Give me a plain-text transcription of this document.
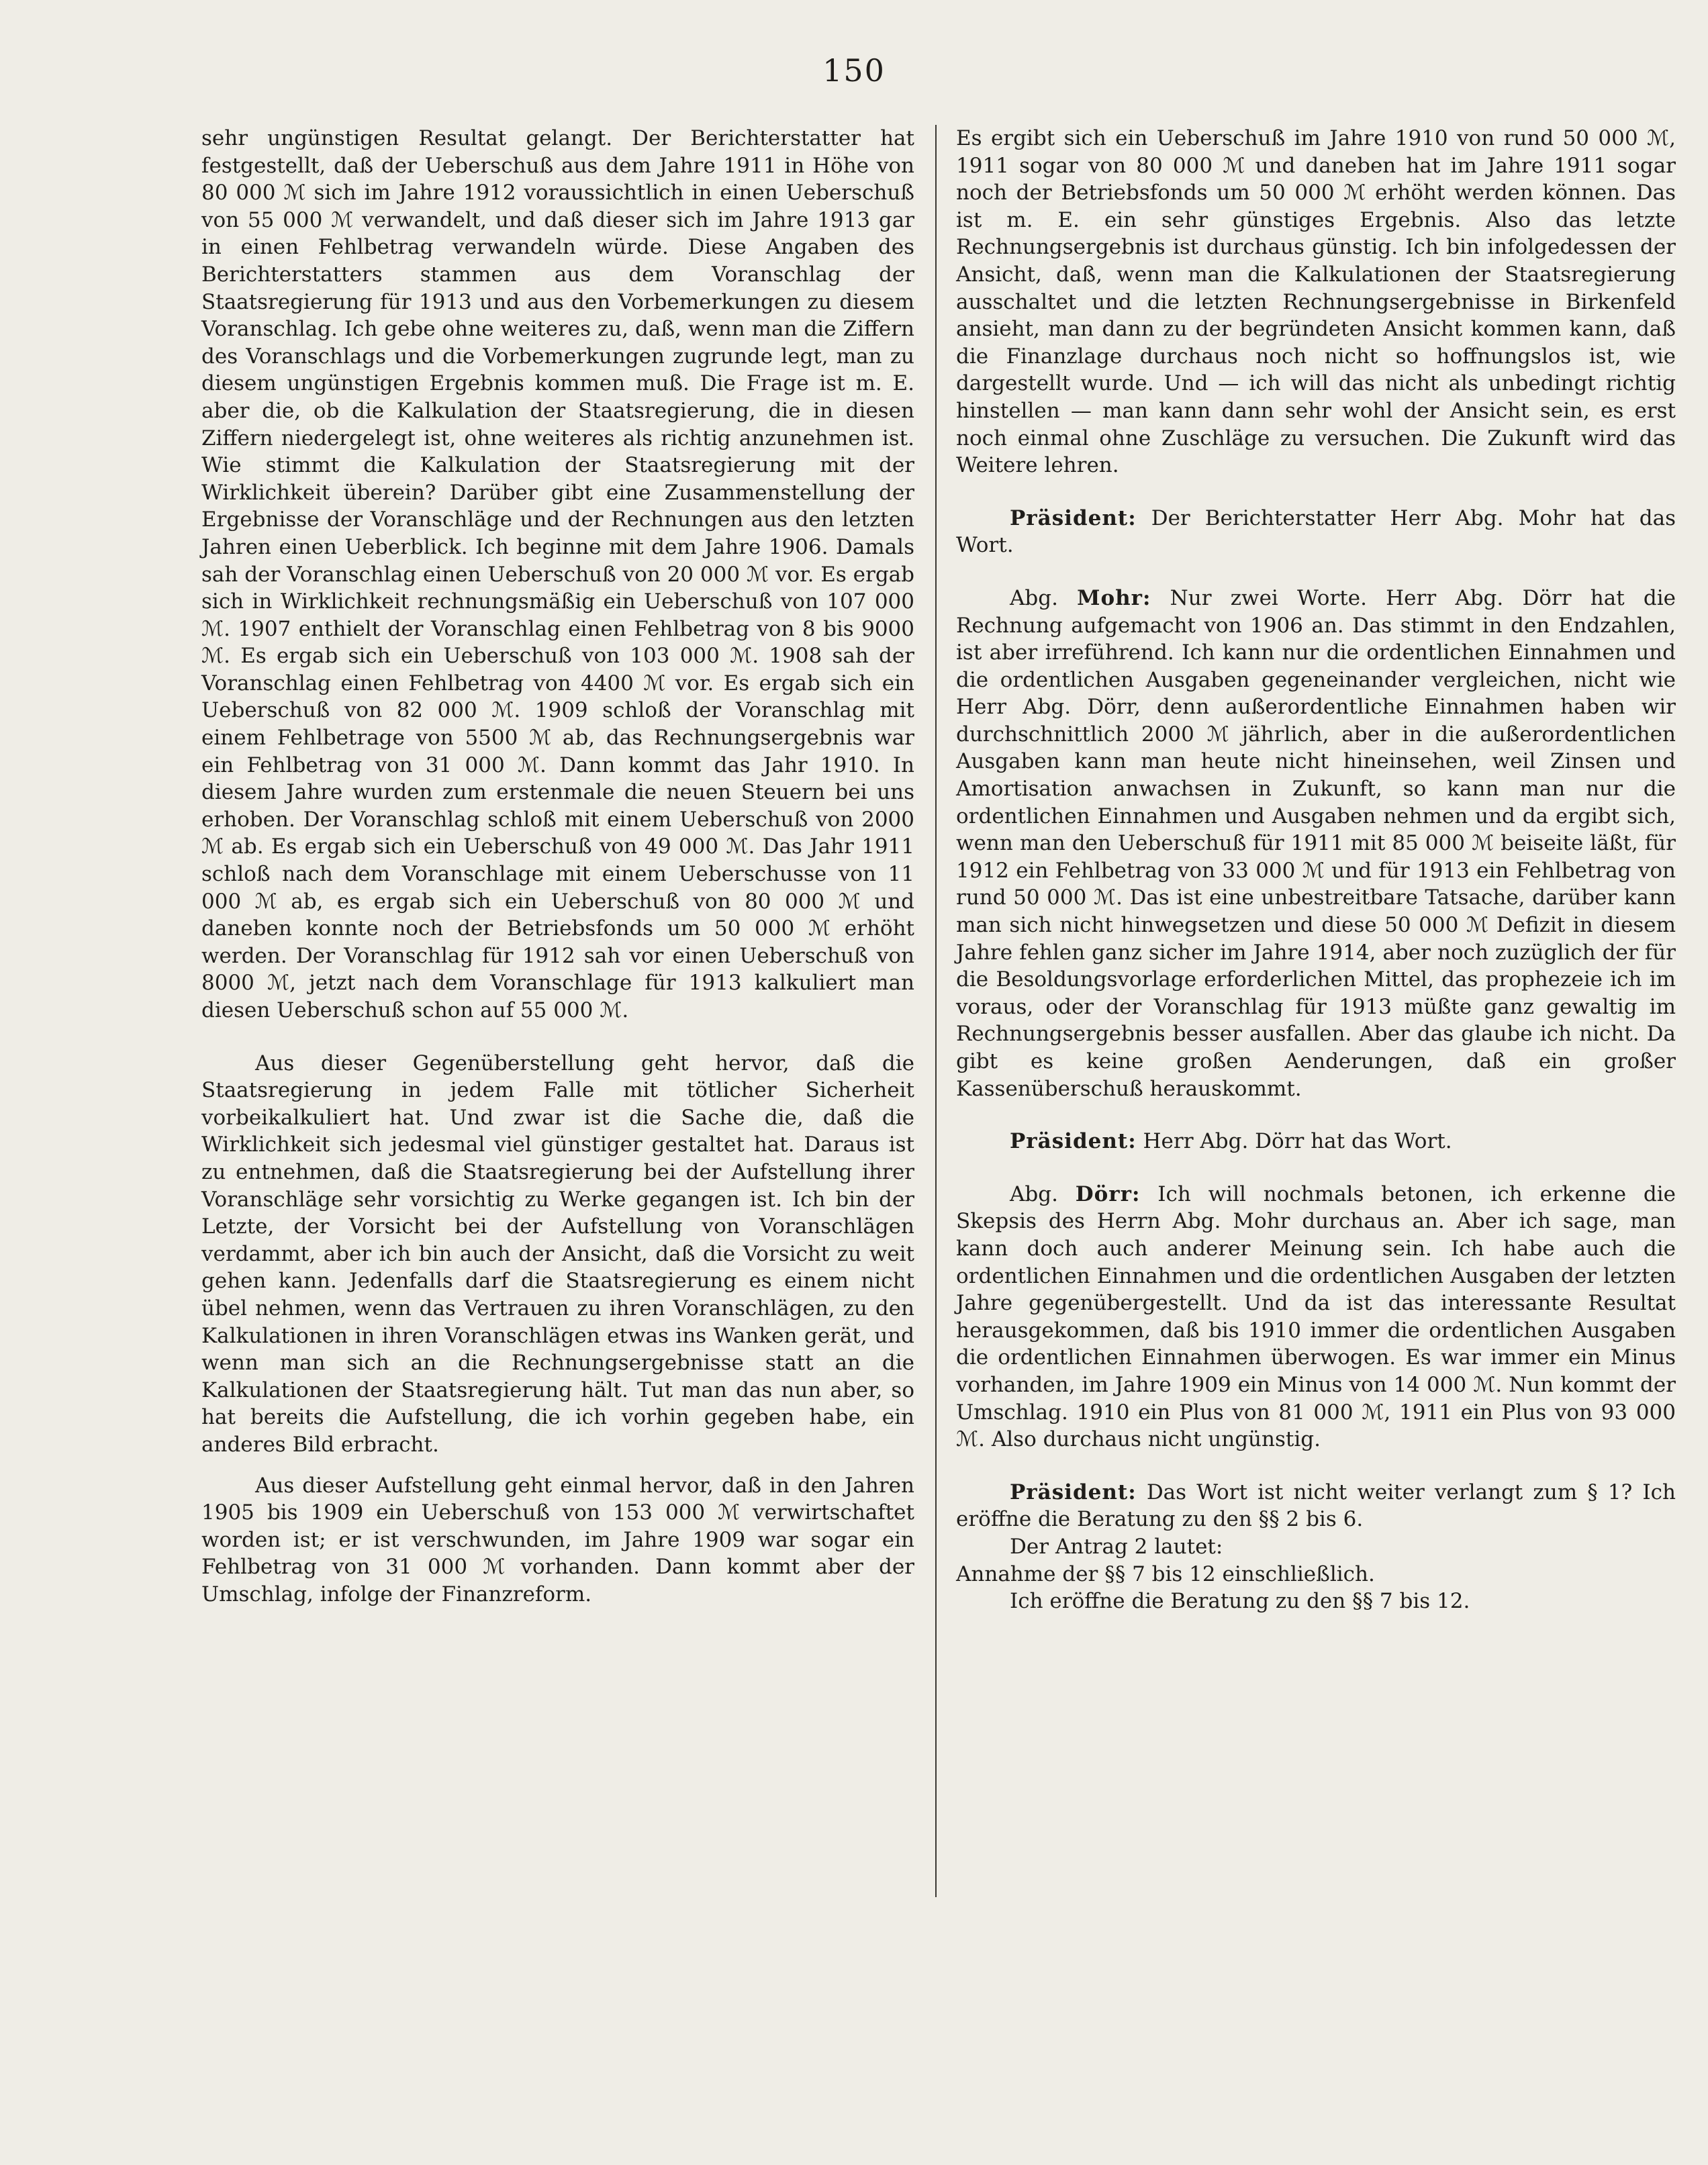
150

sehr ungünstigen Resultat gelangt. Der Berichterstatter hat festgestellt, daß der Ueberschuß aus dem Jahre 1911 in Höhe von 80 000 ℳ sich im Jahre 1912 voraussichtlich in einen Ueberschuß von 55 000 ℳ verwandelt, und daß dieser sich im Jahre 1913 gar in einen Fehlbetrag verwandeln würde. Diese Angaben des Berichterstatters stammen aus dem Voranschlag der Staatsregierung für 1913 und aus den Vorbemerkungen zu diesem Voranschlag. Ich gebe ohne weiteres zu, daß, wenn man die Ziffern des Voranschlags und die Vorbemerkungen zugrunde legt, man zu diesem ungünstigen Ergebnis kommen muß. Die Frage ist m. E. aber die, ob die Kalkulation der Staatsregierung, die in diesen Ziffern niedergelegt ist, ohne weiteres als richtig anzunehmen ist. Wie stimmt die Kalkulation der Staatsregierung mit der Wirklichkeit überein? Darüber gibt eine Zusammenstellung der Ergebnisse der Voranschläge und der Rechnungen aus den letzten Jahren einen Ueberblick. Ich beginne mit dem Jahre 1906. Damals sah der Voranschlag einen Ueberschuß von 20 000 ℳ vor. Es ergab sich in Wirklichkeit rechnungsmäßig ein Ueberschuß von 107 000 ℳ. 1907 enthielt der Voranschlag einen Fehlbetrag von 8 bis 9000 ℳ. Es ergab sich ein Ueberschuß von 103 000 ℳ. 1908 sah der Voranschlag einen Fehlbetrag von 4400 ℳ vor. Es ergab sich ein Ueberschuß von 82 000 ℳ. 1909 schloß der Voranschlag mit einem Fehlbetrage von 5500 ℳ ab, das Rechnungsergebnis war ein Fehlbetrag von 31 000 ℳ. Dann kommt das Jahr 1910. In diesem Jahre wurden zum erstenmale die neuen Steuern bei uns erhoben. Der Voranschlag schloß mit einem Ueberschuß von 2000 ℳ ab. Es ergab sich ein Ueberschuß von 49 000 ℳ. Das Jahr 1911 schloß nach dem Voranschlage mit einem Ueberschusse von 11 000 ℳ ab, es ergab sich ein Ueberschuß von 80 000 ℳ und daneben konnte noch der Betriebsfonds um 50 000 ℳ erhöht werden. Der Voranschlag für 1912 sah vor einen Ueberschuß von 8000 ℳ, jetzt nach dem Voranschlage für 1913 kalkuliert man diesen Ueberschuß schon auf 55 000 ℳ.

Aus dieser Gegenüberstellung geht hervor, daß die Staatsregierung in jedem Falle mit tötlicher Sicherheit vorbeikalkuliert hat. Und zwar ist die Sache die, daß die Wirklichkeit sich jedesmal viel günstiger gestaltet hat. Daraus ist zu entnehmen, daß die Staatsregierung bei der Aufstellung ihrer Voranschläge sehr vorsichtig zu Werke gegangen ist. Ich bin der Letzte, der Vorsicht bei der Aufstellung von Voranschlägen verdammt, aber ich bin auch der Ansicht, daß die Vorsicht zu weit gehen kann. Jedenfalls darf die Staatsregierung es einem nicht übel nehmen, wenn das Vertrauen zu ihren Voranschlägen, zu den Kalkulationen in ihren Voranschlägen etwas ins Wanken gerät, und wenn man sich an die Rechnungsergebnisse statt an die Kalkulationen der Staatsregierung hält. Tut man das nun aber, so hat bereits die Aufstellung, die ich vorhin gegeben habe, ein anderes Bild erbracht.

Aus dieser Aufstellung geht einmal hervor, daß in den Jahren 1905 bis 1909 ein Ueberschuß von 153 000 ℳ verwirtschaftet worden ist; er ist verschwunden, im Jahre 1909 war sogar ein Fehlbetrag von 31 000 ℳ vorhanden. Dann kommt aber der Umschlag, infolge der Finanzreform.

Es ergibt sich ein Ueberschuß im Jahre 1910 von rund 50 000 ℳ, 1911 sogar von 80 000 ℳ und daneben hat im Jahre 1911 sogar noch der Betriebsfonds um 50 000 ℳ erhöht werden können. Das ist m. E. ein sehr günstiges Ergebnis. Also das letzte Rechnungsergebnis ist durchaus günstig. Ich bin infolgedessen der Ansicht, daß, wenn man die Kalkulationen der Staatsregierung ausschaltet und die letzten Rechnungsergebnisse in Birkenfeld ansieht, man dann zu der begründeten Ansicht kommen kann, daß die Finanzlage durchaus noch nicht so hoffnungslos ist, wie dargestellt wurde. Und — ich will das nicht als unbedingt richtig hinstellen — man kann dann sehr wohl der Ansicht sein, es erst noch einmal ohne Zuschläge zu versuchen. Die Zukunft wird das Weitere lehren.

Präsident: Der Berichterstatter Herr Abg. Mohr hat das Wort.

Abg. Mohr: Nur zwei Worte. Herr Abg. Dörr hat die Rechnung aufgemacht von 1906 an. Das stimmt in den Endzahlen, ist aber irreführend. Ich kann nur die ordentlichen Einnahmen und die ordentlichen Ausgaben gegeneinander vergleichen, nicht wie Herr Abg. Dörr, denn außerordentliche Einnahmen haben wir durchschnittlich 2000 ℳ jährlich, aber in die außerordentlichen Ausgaben kann man heute nicht hineinsehen, weil Zinsen und Amortisation anwachsen in Zukunft, so kann man nur die ordentlichen Einnahmen und Ausgaben nehmen und da ergibt sich, wenn man den Ueberschuß für 1911 mit 85 000 ℳ beiseite läßt, für 1912 ein Fehlbetrag von 33 000 ℳ und für 1913 ein Fehlbetrag von rund 50 000 ℳ. Das ist eine unbestreitbare Tatsache, darüber kann man sich nicht hinwegsetzen und diese 50 000 ℳ Defizit in diesem Jahre fehlen ganz sicher im Jahre 1914, aber noch zuzüglich der für die Besoldungsvorlage erforderlichen Mittel, das prophezeie ich im voraus, oder der Voranschlag für 1913 müßte ganz gewaltig im Rechnungsergebnis besser ausfallen. Aber das glaube ich nicht. Da gibt es keine großen Aenderungen, daß ein großer Kassenüberschuß herauskommt.

Präsident: Herr Abg. Dörr hat das Wort.

Abg. Dörr: Ich will nochmals betonen, ich erkenne die Skepsis des Herrn Abg. Mohr durchaus an. Aber ich sage, man kann doch auch anderer Meinung sein. Ich habe auch die ordentlichen Einnahmen und die ordentlichen Ausgaben der letzten Jahre gegenübergestellt. Und da ist das interessante Resultat herausgekommen, daß bis 1910 immer die ordentlichen Ausgaben die ordentlichen Einnahmen überwogen. Es war immer ein Minus vorhanden, im Jahre 1909 ein Minus von 14 000 ℳ. Nun kommt der Umschlag. 1910 ein Plus von 81 000 ℳ, 1911 ein Plus von 93 000 ℳ. Also durchaus nicht ungünstig.

Präsident: Das Wort ist nicht weiter verlangt zum § 1? Ich eröffne die Beratung zu den §§ 2 bis 6.

Der Antrag 2 lautet:

Annahme der §§ 7 bis 12 einschließlich.

Ich eröffne die Beratung zu den §§ 7 bis 12.
